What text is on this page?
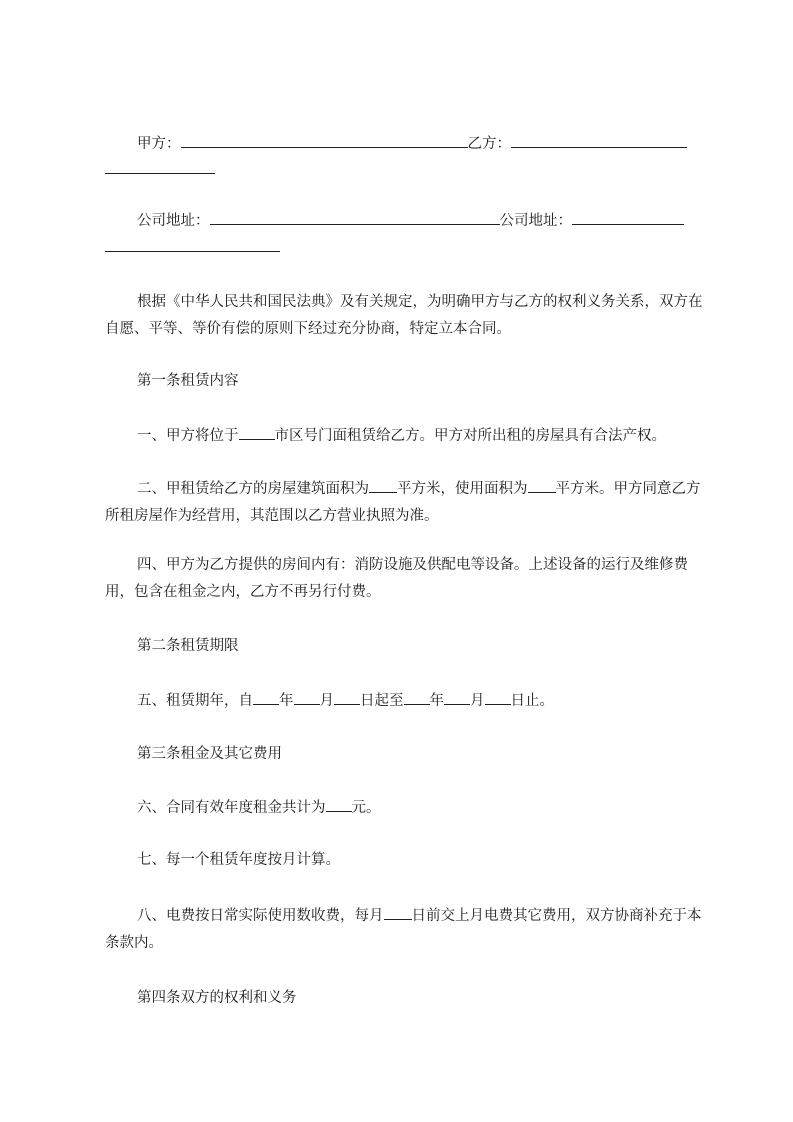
甲方：	乙方：
公司地址：	公司地址：
根据《中华人民共和国民法典》及有关规定，为明确甲方与乙方的权利义务关系，双方在自愿、平等、等价有偿的原则下经过充分协商，特定立本合同。
第一条租赁内容
一、甲方将位于 市区号门面租赁给乙方。甲方对所出租的房屋具有合法产权。
二、甲租赁给乙方的房屋建筑面积为 平方米，使用面积为 平方米。甲方同意乙方所租房屋作为经营用，其范围以乙方营业执照为准。
四、甲方为乙方提供的房间内有：消防设施及供配电等设备。上述设备的运行及维修费用，包含在租金之内，乙方不再另行付费。
第二条租赁期限
五、租赁期年，自 年 月 日起至 年 月 日止。
第三条租金及其它费用
六、合同有效年度租金共计为 元。
七、每一个租赁年度按月计算。
八、电费按日常实际使用数收费，每月 日前交上月电费其它费用，双方协商补充于本条款内。
第四条双方的权利和义务
